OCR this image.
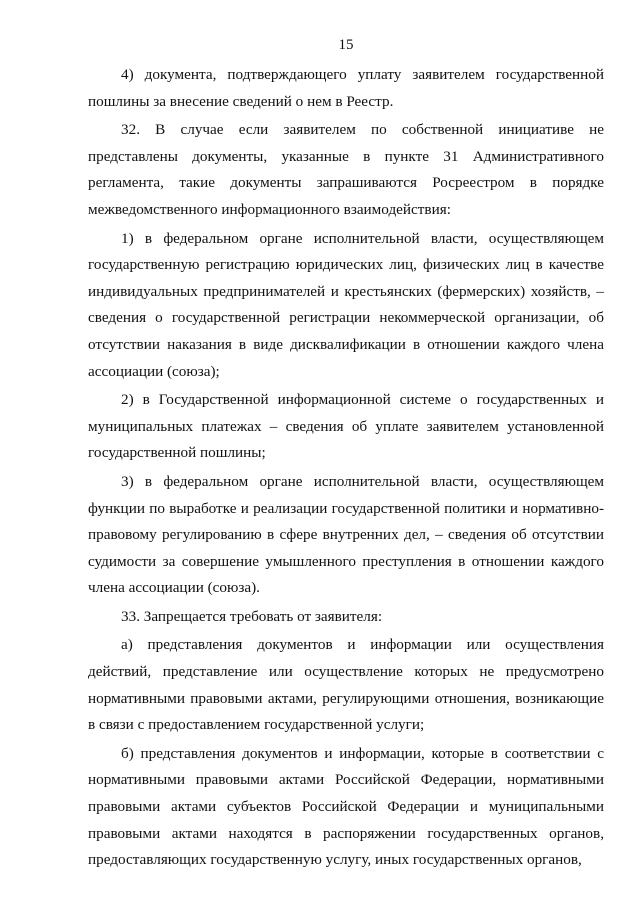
15

4) документа, подтверждающего уплату заявителем государственной пошлины за внесение сведений о нем в Реестр.

32. В случае если заявителем по собственной инициативе не представлены документы, указанные в пункте 31 Административного регламента, такие документы запрашиваются Росреестром в порядке межведомственного информационного взаимодействия:

1) в федеральном органе исполнительной власти, осуществляющем государственную регистрацию юридических лиц, физических лиц в качестве индивидуальных предпринимателей и крестьянских (фермерских) хозяйств, – сведения о государственной регистрации некоммерческой организации, об отсутствии наказания в виде дисквалификации в отношении каждого члена ассоциации (союза);

2) в Государственной информационной системе о государственных и муниципальных платежах – сведения об уплате заявителем установленной государственной пошлины;

3) в федеральном органе исполнительной власти, осуществляющем функции по выработке и реализации государственной политики и нормативно-правовому регулированию в сфере внутренних дел, – сведения об отсутствии судимости за совершение умышленного преступления в отношении каждого члена ассоциации (союза).

33. Запрещается требовать от заявителя:

а) представления документов и информации или осуществления действий, представление или осуществление которых не предусмотрено нормативными правовыми актами, регулирующими отношения, возникающие в связи с предоставлением государственной услуги;

б) представления документов и информации, которые в соответствии с нормативными правовыми актами Российской Федерации, нормативными правовыми актами субъектов Российской Федерации и муниципальными правовыми актами находятся в распоряжении государственных органов, предоставляющих государственную услугу, иных государственных органов,
